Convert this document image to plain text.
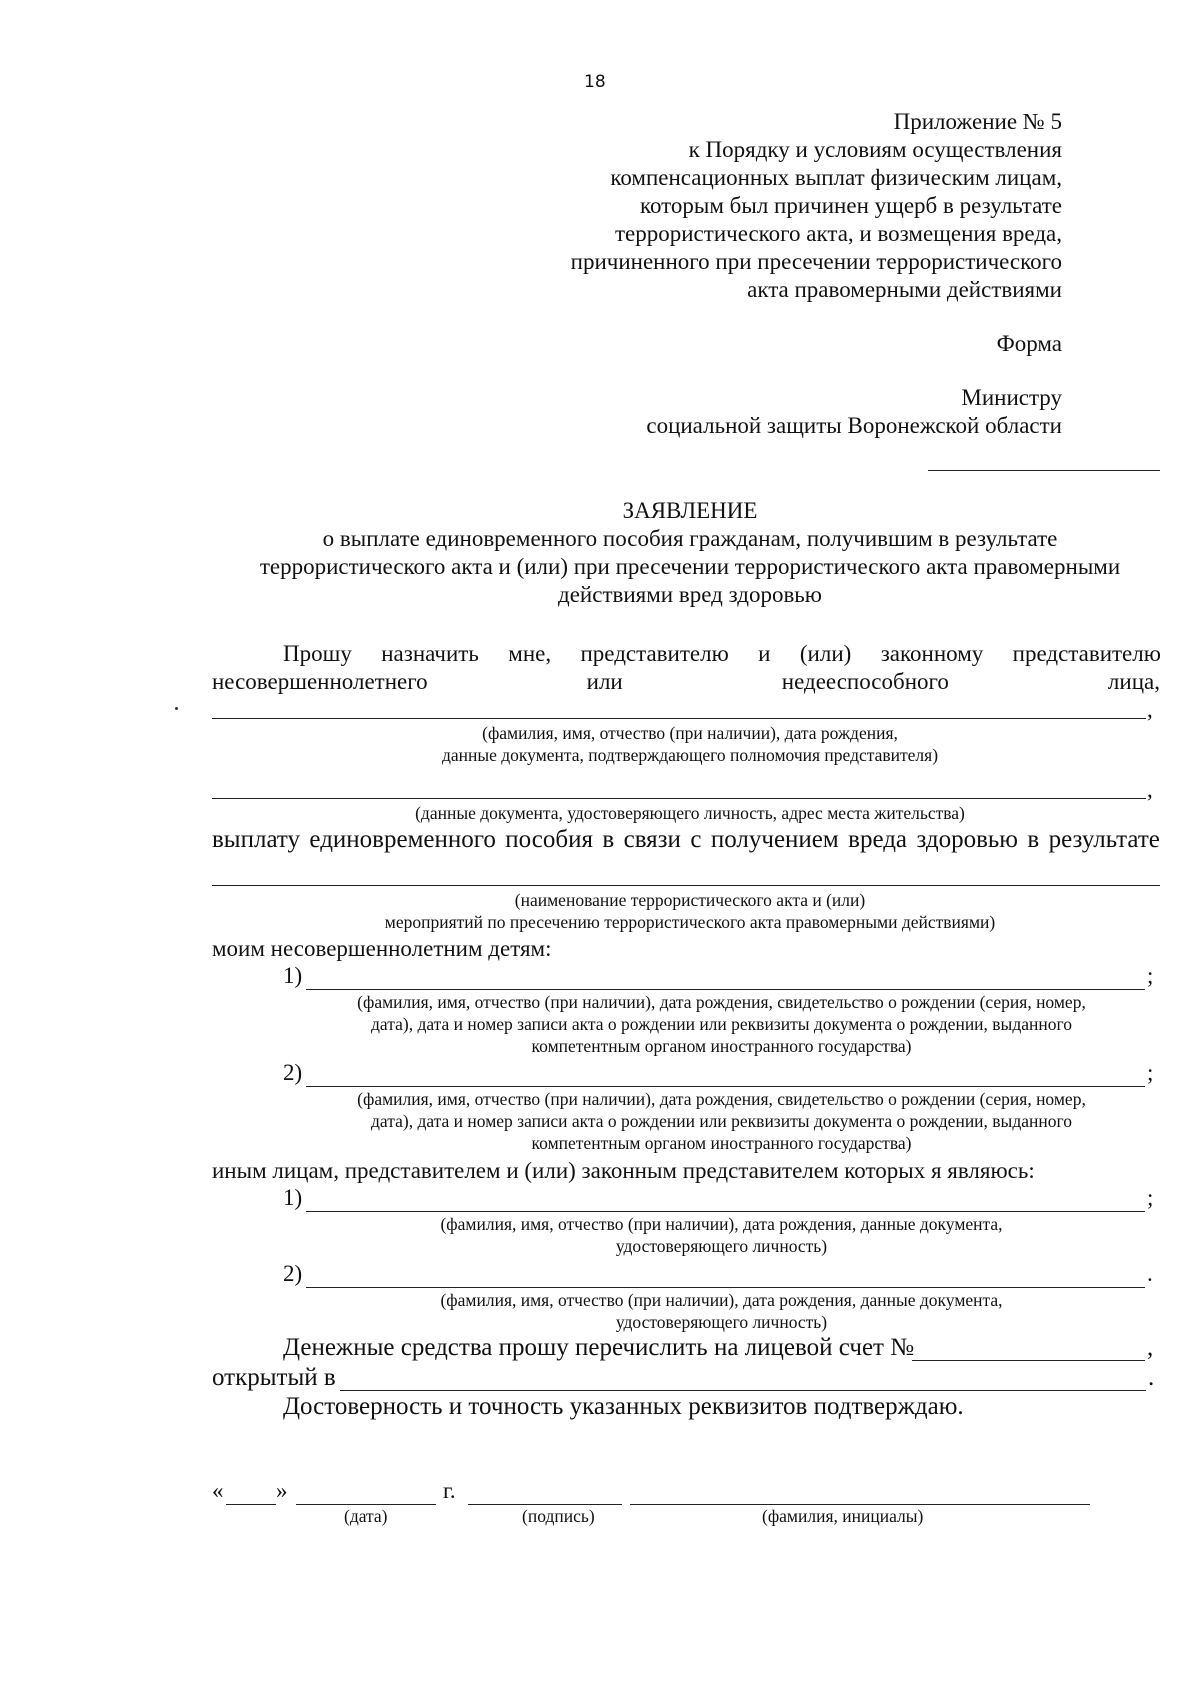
18
Приложение № 5
к Порядку и условиям осуществления
компенсационных выплат физическим лицам,
которым был причинен ущерб в результате
террористического акта, и возмещения вреда,
причиненного при пресечении террористического
акта правомерными действиями
Форма
Министру
социальной защиты Воронежской области
ЗАЯВЛЕНИЕ
о выплате единовременного пособия гражданам, получившим в результате
террористического акта и (или) при пресечении террористического акта правомерными
действиями вред здоровью
Прошу назначить мне, представителю и (или) законному представителю
несовершеннолетнего	или	недееспособного	лица,
,
(фамилия, имя, отчество (при наличии), дата рождения,
данные документа, подтверждающего полномочия представителя)
,
(данные документа, удостоверяющего личность, адрес места жительства)
выплату единовременного пособия в связи с получением вреда здоровью в результате
(наименование террористического акта и (или)
мероприятий по пресечению террористического акта правомерными действиями)
моим несовершеннолетним детям:
1)	;
(фамилия, имя, отчество (при наличии), дата рождения, свидетельство о рождении (серия, номер,
дата), дата и номер записи акта о рождении или реквизиты документа о рождении, выданного
компетентным органом иностранного государства)
2)	;
(фамилия, имя, отчество (при наличии), дата рождения, свидетельство о рождении (серия, номер,
дата), дата и номер записи акта о рождении или реквизиты документа о рождении, выданного
компетентным органом иностранного государства)
иным лицам, представителем и (или) законным представителем которых я являюсь:
1)	;
(фамилия, имя, отчество (при наличии), дата рождения, данные документа,
удостоверяющего личность)
2)	.
(фамилия, имя, отчество (при наличии), дата рождения, данные документа,
удостоверяющего личность)
Денежные средства прошу перечислить на лицевой счет №	,
открытый в	.
Достоверность и точность указанных реквизитов подтверждаю.
« »	г.
(дата)	(подпись)	(фамилия, инициалы)
